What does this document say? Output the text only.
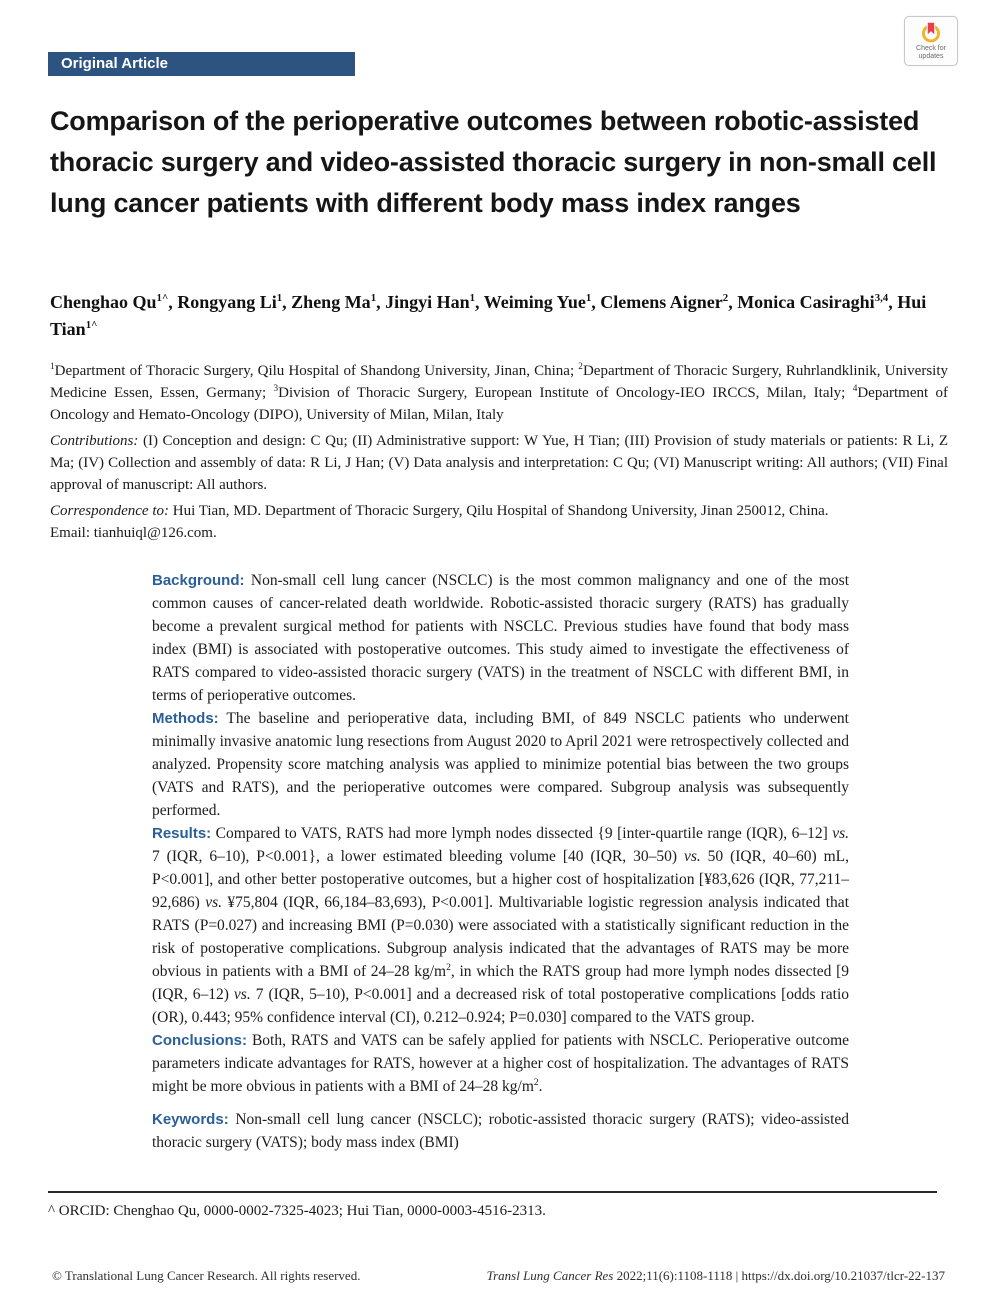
Check for
updates
Original Article
Comparison of the perioperative outcomes between robotic-assisted thoracic surgery and video-assisted thoracic surgery in non-small cell lung cancer patients with different body mass index ranges
Chenghao $Qu^{1\^{}}$, Rongyang Li$^1$, Zheng Ma$^1$, Jingyi Han$^1$, Weiming Yue$^1$, Clemens Aigner$^2$, Monica Casiraghi$^{3,4}$, Hui Tian$^{1\^{}}$

$^1$Department of Thoracic Surgery, Qilu Hospital of Shandong University, Jinan, China; $^2$Department of Thoracic Surgery, Ruhrlandklinik, University Medicine Essen, Essen, Germany; $^3$Division of Thoracic Surgery, European Institute of Oncology-IEO IRCCS, Milan, Italy; $^4$Department of Oncology and Hemato-Oncology (DIPO), University of Milan, Milan, Italy

Contributions: (I) Conception and design: C Qu; (II) Administrative support: W Yue, H Tian; (III) Provision of study materials or patients: R Li, Z Ma; (IV) Collection and assembly of data: R Li, J Han; (V) Data analysis and interpretation: C Qu; (VI) Manuscript writing: All authors; (VII) Final approval of manuscript: All authors.

Correspondence to: Hui Tian, MD. Department of Thoracic Surgery, Qilu Hospital of Shandong University, Jinan 250012, China.

Email: tianhuiql@126.com.

Background: Non-small cell lung cancer (NSCLC) is the most common malignancy and one of the most common causes of cancer-related death worldwide. Robotic-assisted thoracic surgery (RATS) has gradually become a prevalent surgical method for patients with NSCLC. Previous studies have found that body mass index (BMI) is associated with postoperative outcomes. This study aimed to investigate the effectiveness of RATS compared to video-assisted thoracic surgery (VATS) in the treatment of NSCLC with different BMI, in terms of perioperative outcomes.

Methods: The baseline and perioperative data, including BMI, of 849 NSCLC patients who underwent minimally invasive anatomic lung resections from August 2020 to April 2021 were retrospectively collected and analyzed. Propensity score matching analysis was applied to minimize potential bias between the two groups (VATS and RATS), and the perioperative outcomes were compared. Subgroup analysis was subsequently performed.

Results: Compared to VATS, RATS had more lymph nodes dissected {9 [inter-quartile range (IQR), 6–12] vs. 7 (IQR, 6–10), P<0.001}, a lower estimated bleeding volume [40 (IQR, 30–50) vs. 50 (IQR, 40–60) mL, P<0.001], and other better postoperative outcomes, but a higher cost of hospitalization [¥83,626 (IQR, 77,211–92,686) vs. ¥75,804 (IQR, 66,184–83,693), P<0.001]. Multivariable logistic regression analysis indicated that RATS (P=0.027) and increasing BMI (P=0.030) were associated with a statistically significant reduction in the risk of postoperative complications. Subgroup analysis indicated that the advantages of RATS may be more obvious in patients with a BMI of 24–28 $kg/m^2$, in which the RATS group had more lymph nodes dissected [9 (IQR, 6–12) vs. 7 (IQR, 5–10), P<0.001] and a decreased risk of total postoperative complications [odds ratio (OR), 0.443; 95% confidence interval (CI), 0.212–0.924; P=0.030] compared to the VATS group.

Conclusions: Both, RATS and VATS can be safely applied for patients with NSCLC. Perioperative outcome parameters indicate advantages for RATS, however at a higher cost of hospitalization. The advantages of RATS might be more obvious in patients with a BMI of 24–28 $kg/m^2$.

Keywords: Non-small cell lung cancer (NSCLC); robotic-assisted thoracic surgery (RATS); video-assisted thoracic surgery (VATS); body mass index (BMI)

^ ORCID: Chenghao Qu, 0000-0002-7325-4023; Hui Tian, 0000-0003-4516-2313.
© Translational Lung Cancer Research. All rights reserved.	Transl Lung Cancer Res 2022;11(6):1108-1118 | https://dx.doi.org/10.21037/tlcr-22-137
